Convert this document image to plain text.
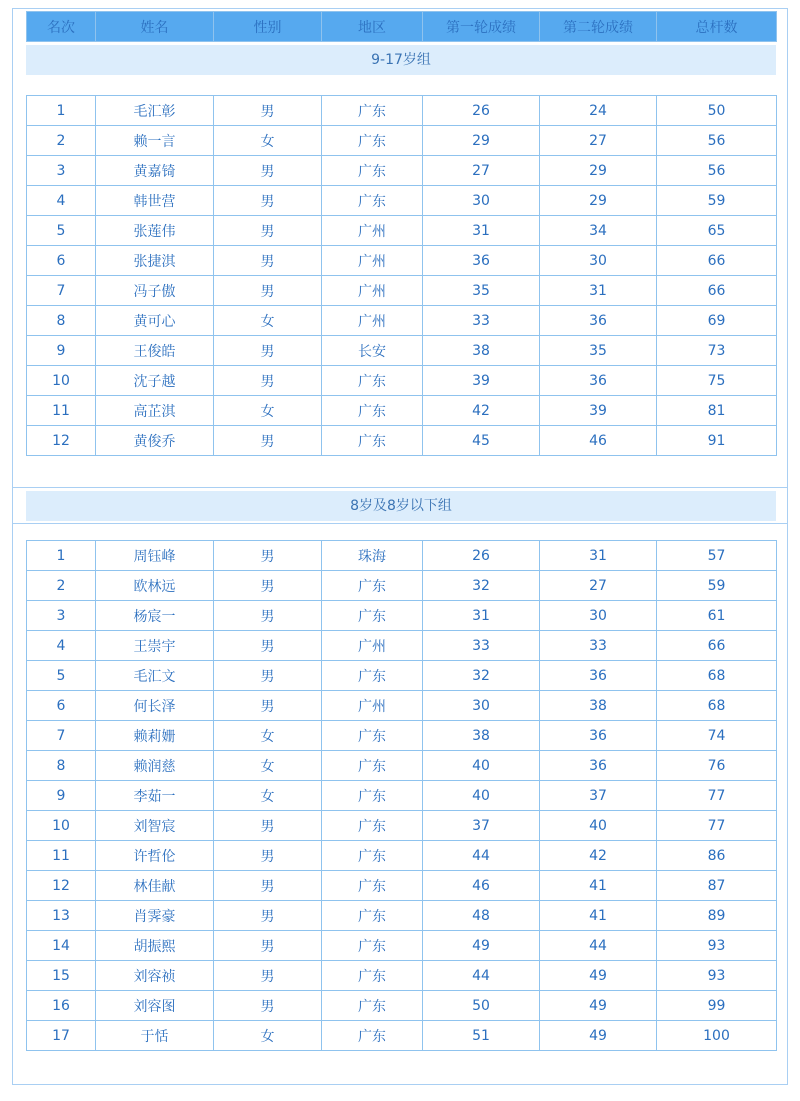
名次	姓名	性别	地区	第一轮成绩	第二轮成绩	总杆数
9-17岁组
1	毛汇彰	男	广东	26	24	50
2	赖一言	女	广东	29	27	56
3	黄嘉锜	男	广东	27	29	56
4	韩世营	男	广东	30	29	59
5	张莲伟	男	广州	31	34	65
6	张捷淇	男	广州	36	30	66
7	冯子傲	男	广州	35	31	66
8	黄可心	女	广州	33	36	69
9	王俊皓	男	长安	38	35	73
10	沈子越	男	广东	39	36	75
11	高芷淇	女	广东	42	39	81
12	黄俊乔	男	广东	45	46	91
8岁及8岁以下组
1	周钰峰	男	珠海	26	31	57
2	欧林远	男	广东	32	27	59
3	杨宸一	男	广东	31	30	61
4	王崇宇	男	广州	33	33	66
5	毛汇文	男	广东	32	36	68
6	何长泽	男	广州	30	38	68
7	赖莉姗	女	广东	38	36	74
8	赖润慈	女	广东	40	36	76
9	李茹一	女	广东	40	37	77
10	刘智宸	男	广东	37	40	77
11	许哲伦	男	广东	44	42	86
12	林佳献	男	广东	46	41	87
13	肖霁豪	男	广东	48	41	89
14	胡振熙	男	广东	49	44	93
15	刘容祯	男	广东	44	49	93
16	刘容图	男	广东	50	49	99
17	于恬	女	广东	51	49	100
